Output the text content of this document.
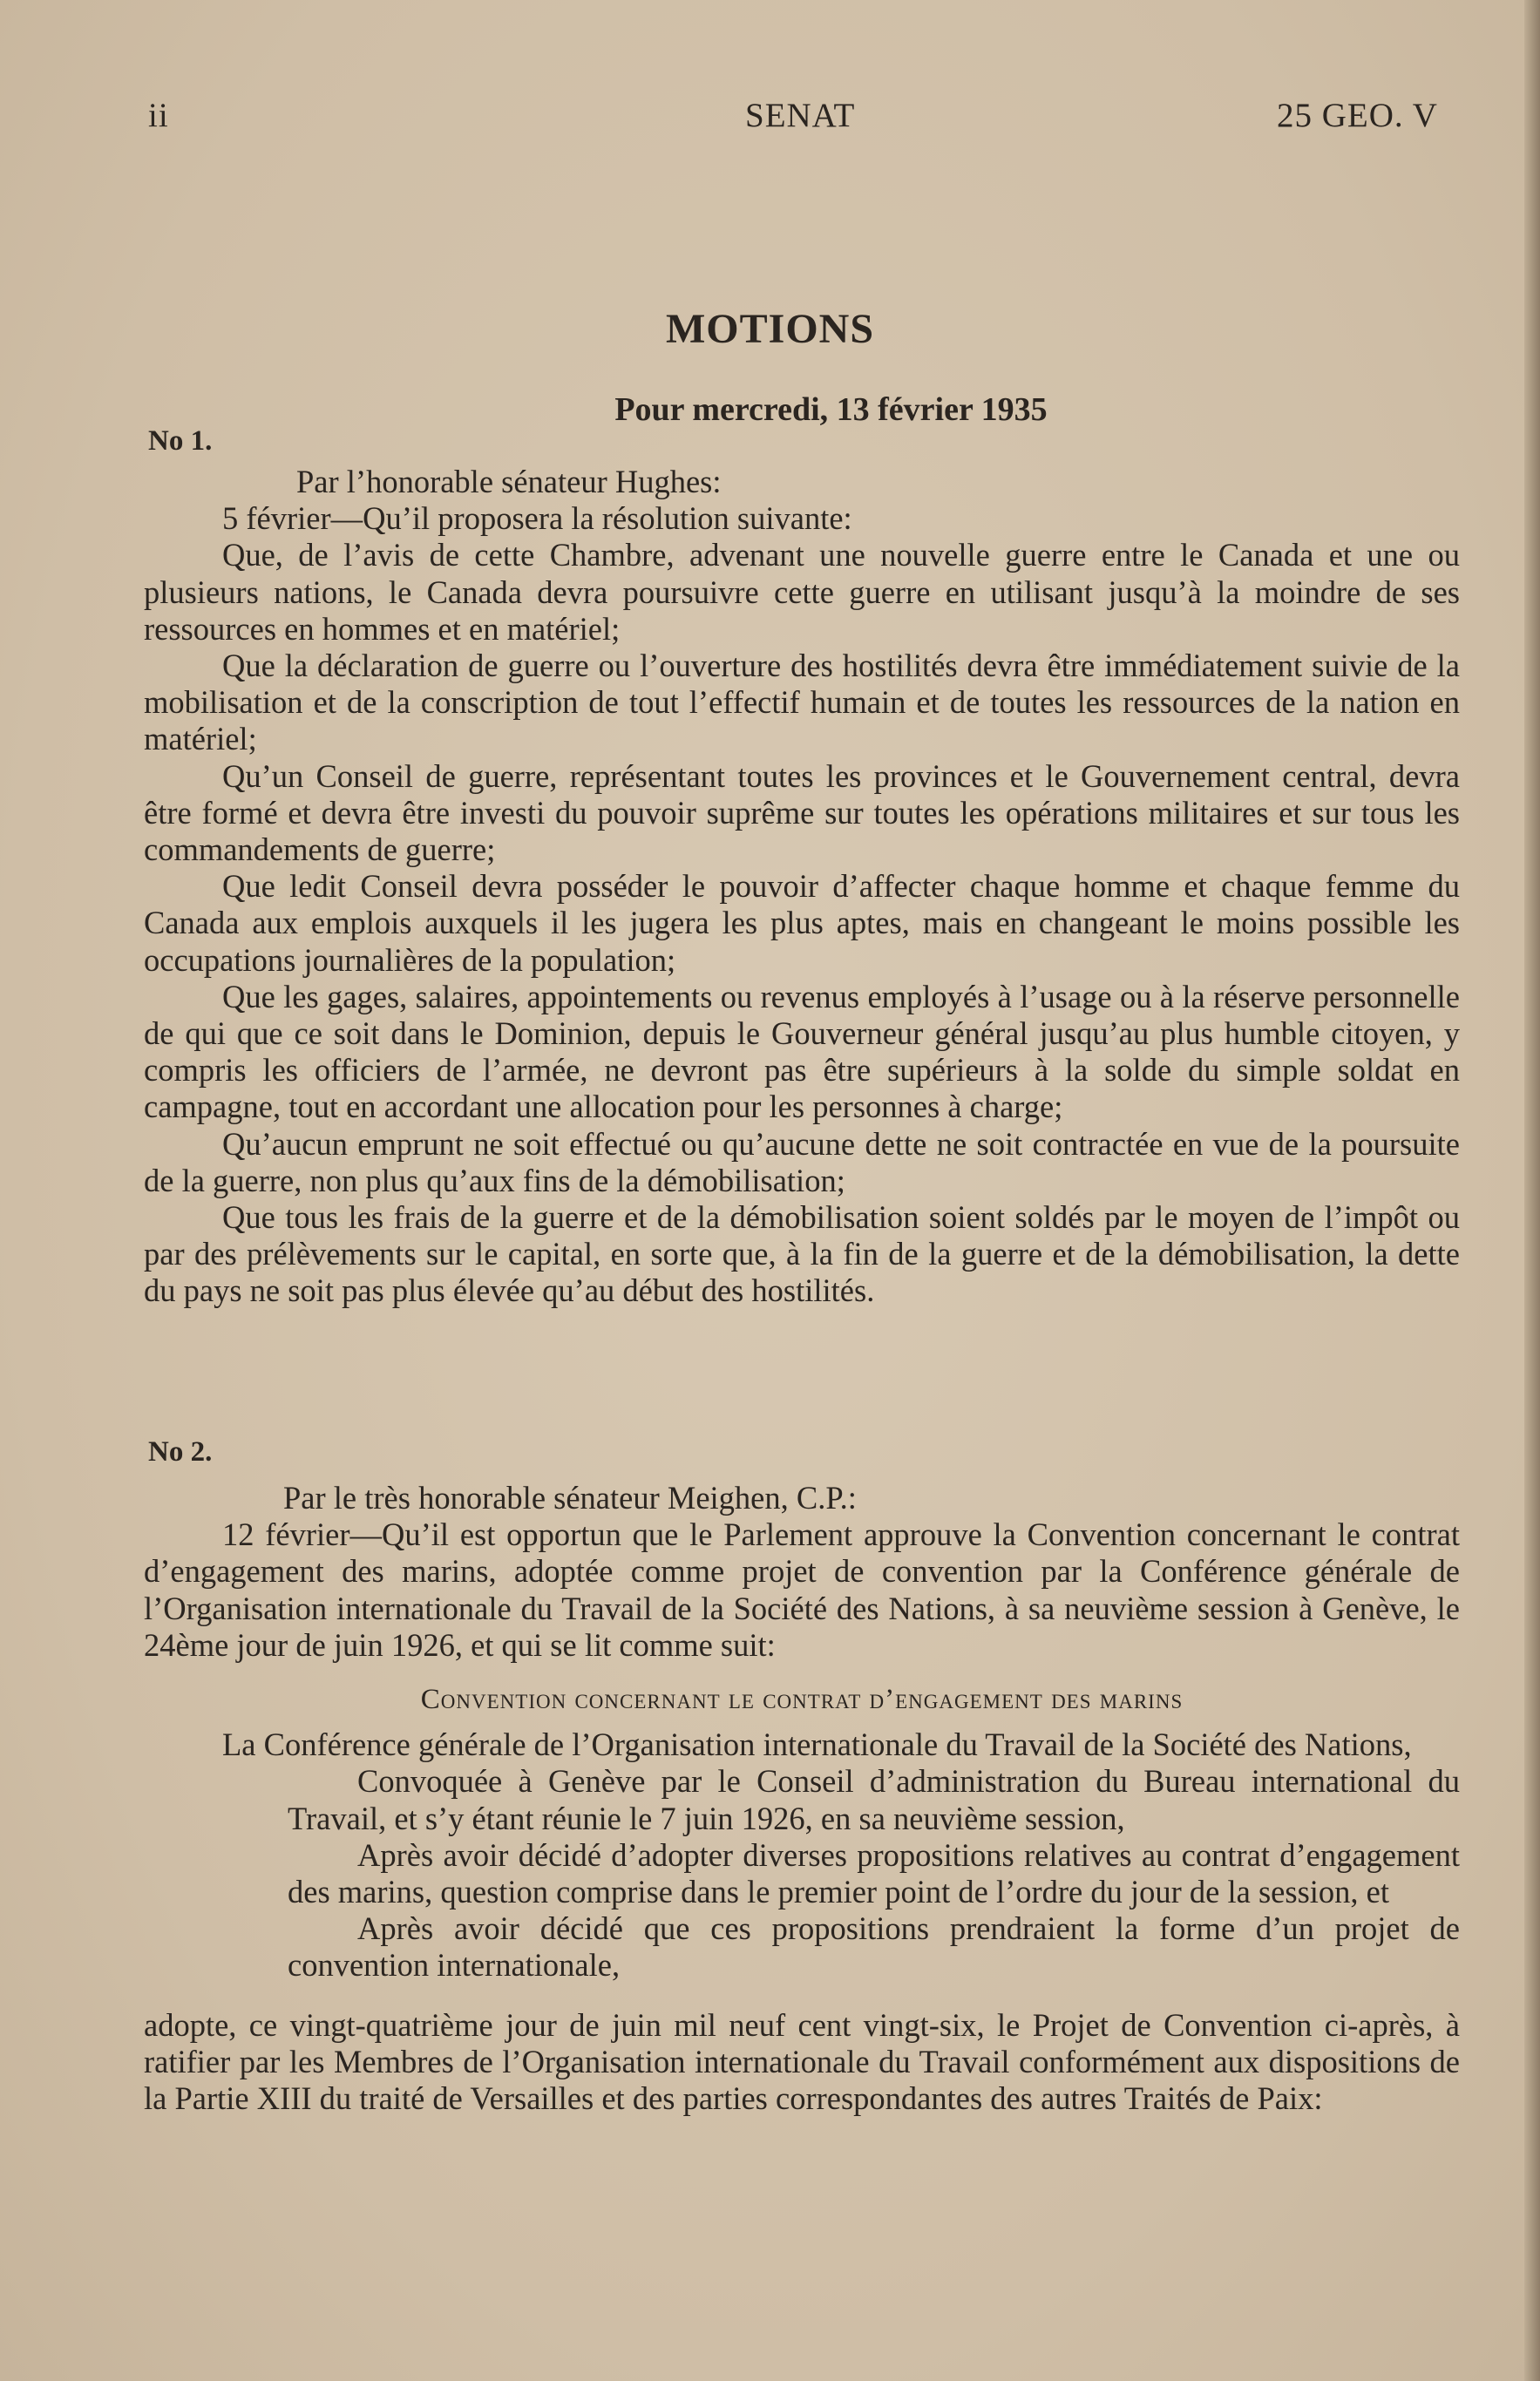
ii	SENAT	25 GEO. V
MOTIONS
Pour mercredi, 13 février 1935
No 1.

Par l’honorable sénateur Hughes:

5 février—Qu’il proposera la résolution suivante:

Que, de l’avis de cette Chambre, advenant une nouvelle guerre entre le Canada et une ou plusieurs nations, le Canada devra poursuivre cette guerre en utilisant jusqu’à la moindre de ses ressources en hommes et en matériel;

Que la déclaration de guerre ou l’ouverture des hostilités devra être immédiatement suivie de la mobilisation et de la conscription de tout l’effectif humain et de toutes les ressources de la nation en matériel;

Qu’un Conseil de guerre, représentant toutes les provinces et le Gouvernement central, devra être formé et devra être investi du pouvoir suprême sur toutes les opérations militaires et sur tous les commandements de guerre;

Que ledit Conseil devra posséder le pouvoir d’affecter chaque homme et chaque femme du Canada aux emplois auxquels il les jugera les plus aptes, mais en changeant le moins possible les occupations journalières de la population;

Que les gages, salaires, appointements ou revenus employés à l’usage ou à la réserve personnelle de qui que ce soit dans le Dominion, depuis le Gouverneur général jusqu’au plus humble citoyen, y compris les officiers de l’armée, ne devront pas être supérieurs à la solde du simple soldat en campagne, tout en accordant une allocation pour les personnes à charge;

Qu’aucun emprunt ne soit effectué ou qu’aucune dette ne soit contractée en vue de la poursuite de la guerre, non plus qu’aux fins de la démobilisation;

Que tous les frais de la guerre et de la démobilisation soient soldés par le moyen de l’impôt ou par des prélèvements sur le capital, en sorte que, à la fin de la guerre et de la démobilisation, la dette du pays ne soit pas plus élevée qu’au début des hostilités.

No 2.

Par le très honorable sénateur Meighen, C.P.:

12 février—Qu’il est opportun que le Parlement approuve la Convention concernant le contrat d’engagement des marins, adoptée comme projet de convention par la Conférence générale de l’Organisation internationale du Travail de la Société des Nations, à sa neuvième session à Genève, le 24ème jour de juin 1926, et qui se lit comme suit:

Convention concernant le contrat d’engagement des marins

La Conférence générale de l’Organisation internationale du Travail de la Société des Nations,

Convoquée à Genève par le Conseil d’administration du Bureau international du Travail, et s’y étant réunie le 7 juin 1926, en sa neuvième session,

Après avoir décidé d’adopter diverses propositions relatives au contrat d’engagement des marins, question comprise dans le premier point de l’ordre du jour de la session, et

Après avoir décidé que ces propositions prendraient la forme d’un projet de convention internationale,

adopte, ce vingt-quatrième jour de juin mil neuf cent vingt-six, le Projet de Convention ci-après, à ratifier par les Membres de l’Organisation internationale du Travail conformément aux dispositions de la Partie XIII du traité de Versailles et des parties correspondantes des autres Traités de Paix:
